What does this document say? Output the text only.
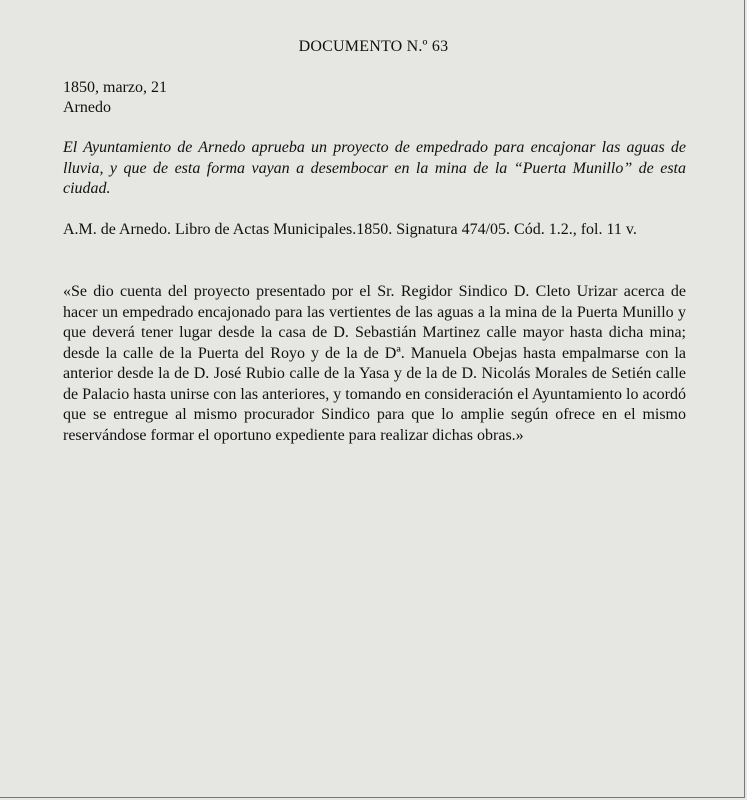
DOCUMENTO N.º 63
1850, marzo, 21
Arnedo
El Ayuntamiento de Arnedo aprueba un proyecto de empedrado para encajonar las aguas de lluvia, y que de esta forma vayan a desembocar en la mina de la “Puerta Munillo” de esta ciudad.
A.M. de Arnedo. Libro de Actas Municipales.1850. Signatura 474/05. Cód. 1.2., fol. 11 v.
«Se dio cuenta del proyecto presentado por el Sr. Regidor Sindico D. Cleto Urizar acerca de hacer un empedrado encajonado para las vertientes de las aguas a la mina de la Puerta Munillo y que deverá tener lugar desde la casa de D. Sebastián Martinez calle mayor hasta dicha mina; desde la calle de la Puerta del Royo y de la de Dª. Manuela Obejas hasta empalmarse con la anterior desde la de D. José Rubio calle de la Yasa y de la de D. Nicolás Morales de Setién calle de Palacio hasta unirse con las anteriores, y tomando en consideración el Ayuntamiento lo acordó que se entregue al mismo procurador Sindico para que lo amplie según ofrece en el mismo reservándose formar el oportuno expediente para realizar dichas obras.»
